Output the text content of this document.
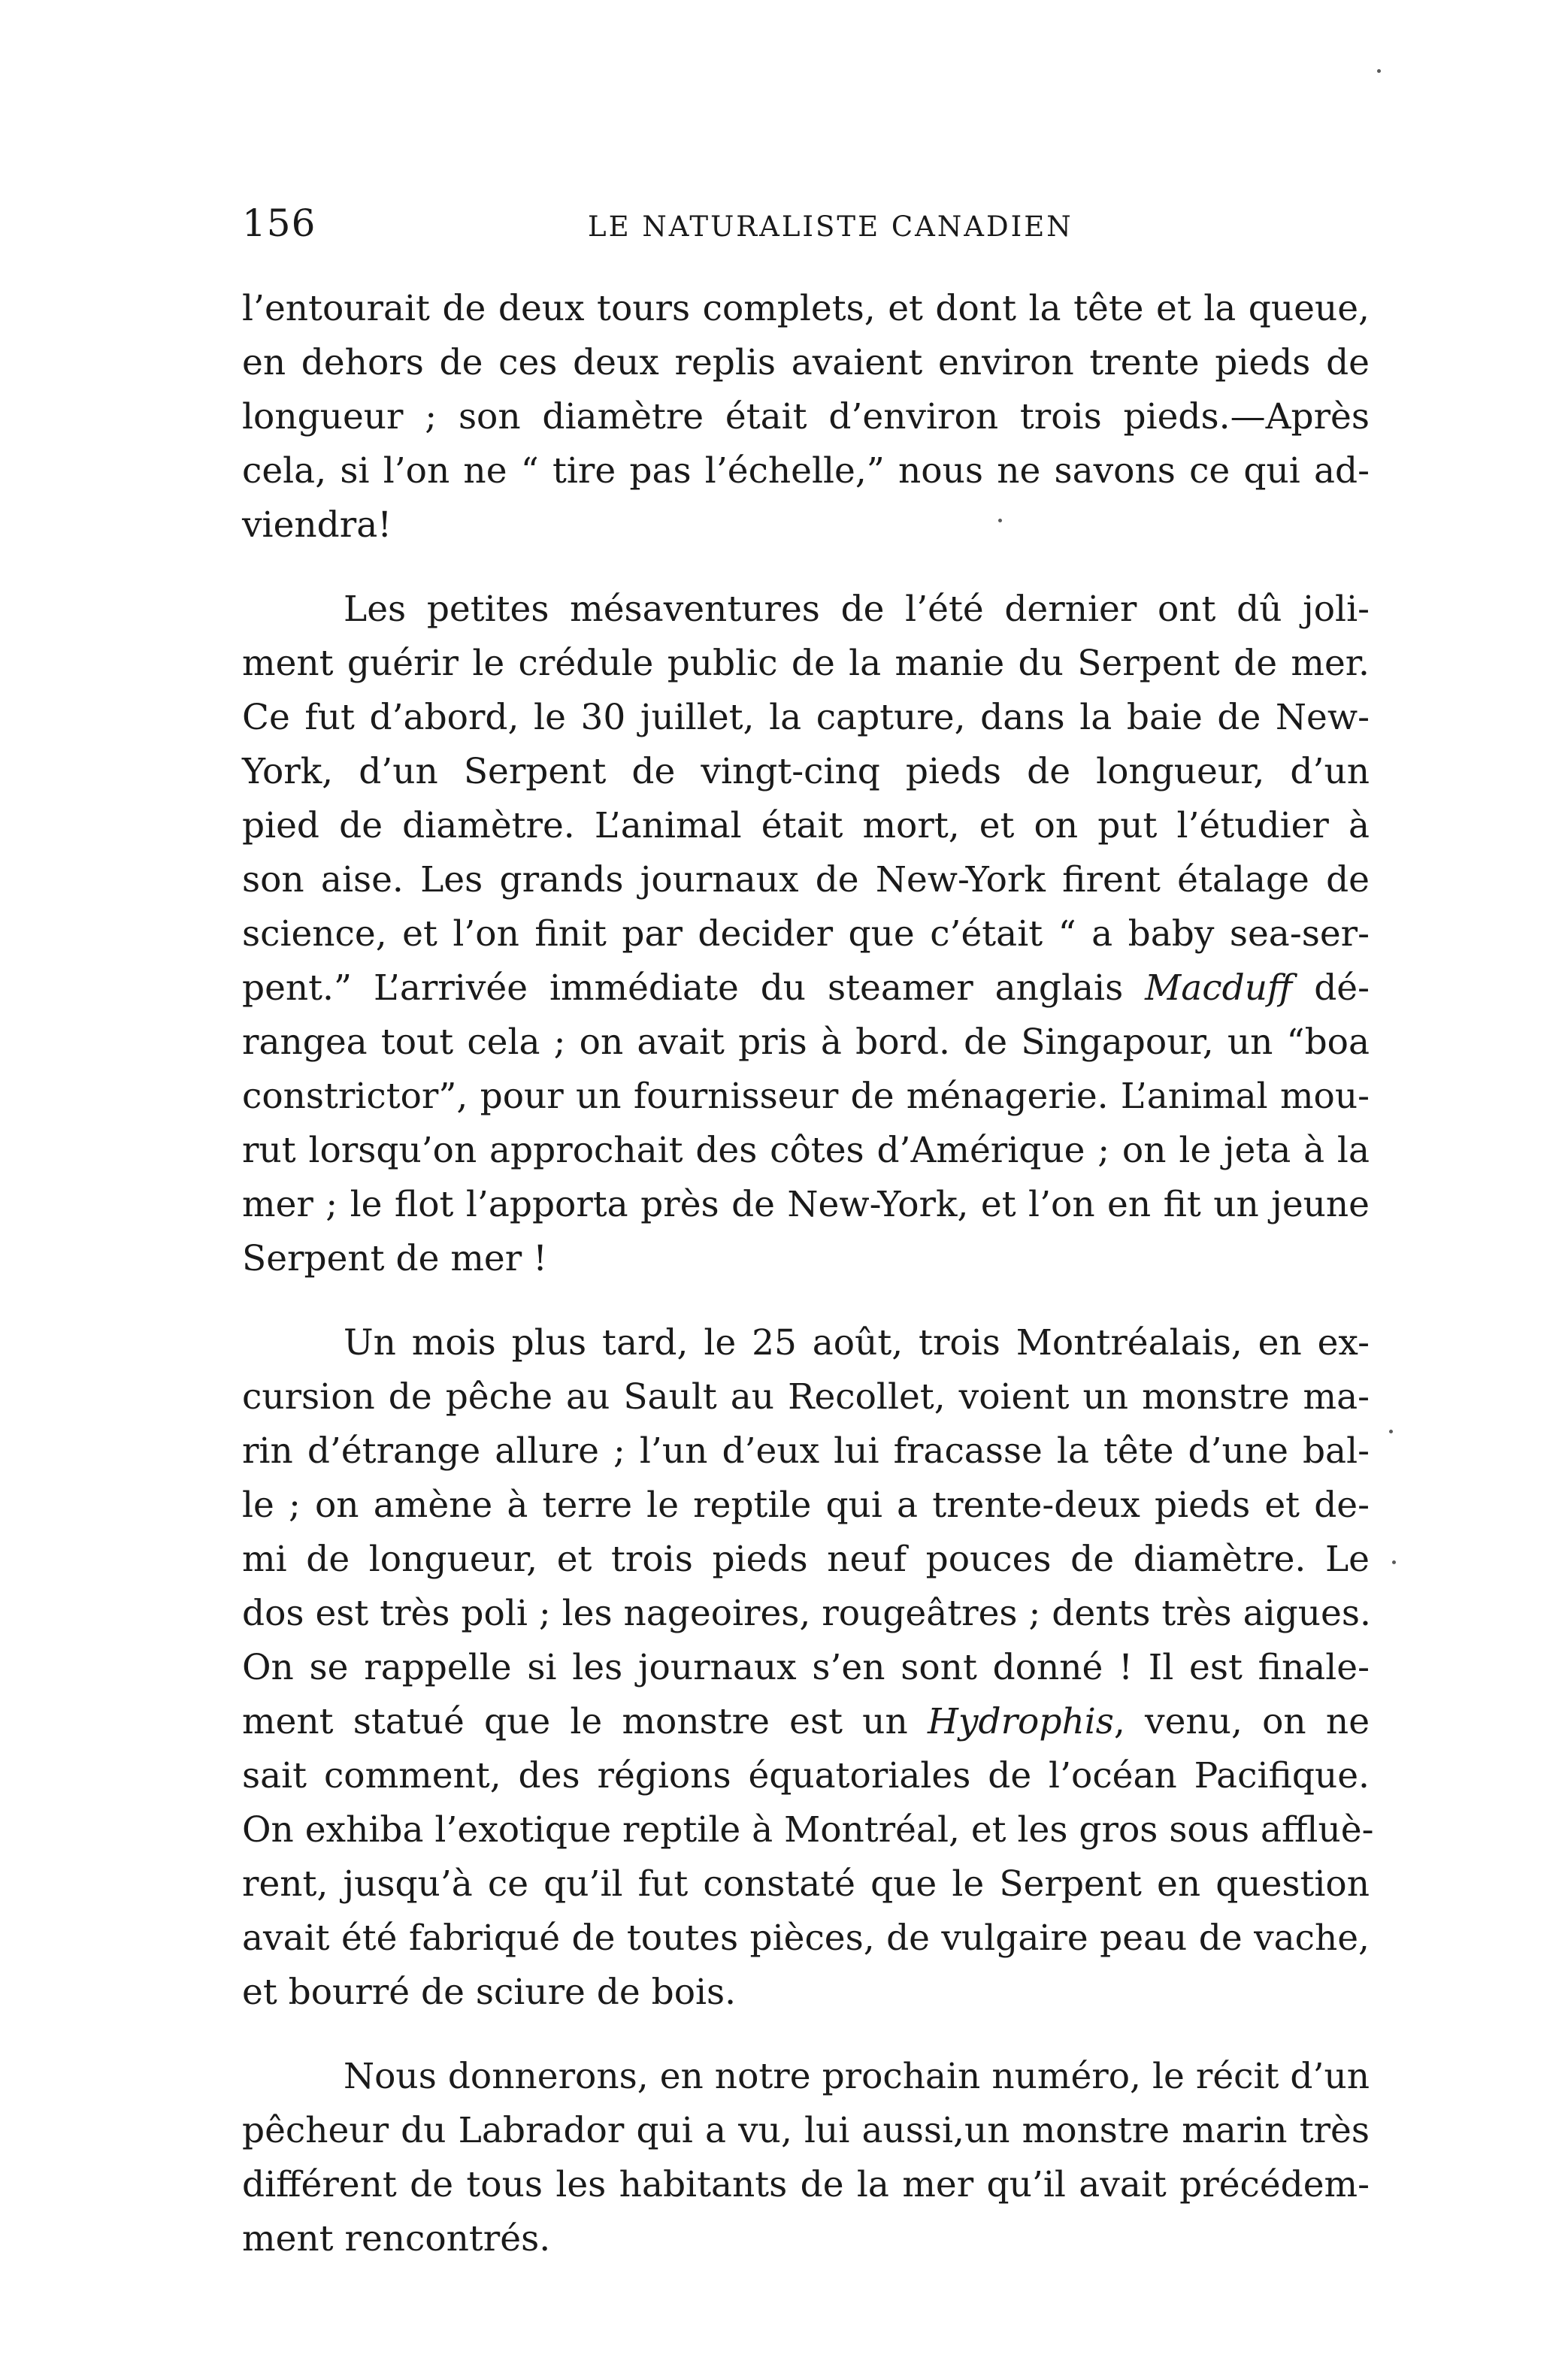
156	LE NATURALISTE CANADIEN
l’entourait de deux tours complets, et dont la tête et la queue,
en dehors de ces deux replis avaient environ trente pieds de
longueur ; son diamètre était d’environ trois pieds.—Après
cela, si l’on ne “ tire pas l’échelle,” nous ne savons ce qui ad-
viendra!
Les petites mésaventures de l’été dernier ont dû joli-
ment guérir le crédule public de la manie du Serpent de mer.
Ce fut d’abord, le 30 juillet, la capture, dans la baie de New-
York, d’un Serpent de vingt-cinq pieds de longueur, d’un
pied de diamètre. L’animal était mort, et on put l’étudier à
son aise. Les grands journaux de New-York firent étalage de
science, et l’on finit par decider que c’était “ a baby sea-ser-
pent.” L’arrivée immédiate du steamer anglais Macduff dé-
rangea tout cela ; on avait pris à bord. de Singapour, un “boa
constrictor”, pour un fournisseur de ménagerie. L’animal mou-
rut lorsqu’on approchait des côtes d’Amérique ; on le jeta à la
mer ; le flot l’apporta près de New-York, et l’on en fit un jeune
Serpent de mer !
Un mois plus tard, le 25 août, trois Montréalais, en ex-
cursion de pêche au Sault au Recollet, voient un monstre ma-
rin d’étrange allure ; l’un d’eux lui fracasse la tête d’une bal-
le ; on amène à terre le reptile qui a trente-deux pieds et de-
mi de longueur, et trois pieds neuf pouces de diamètre. Le
dos est très poli ; les nageoires, rougeâtres ; dents très aigues.
On se rappelle si les journaux s’en sont donné ! Il est finale-
ment statué que le monstre est un Hydrophis, venu, on ne
sait comment, des régions équatoriales de l’océan Pacifique.
On exhiba l’exotique reptile à Montréal, et les gros sous affluè-
rent, jusqu’à ce qu’il fut constaté que le Serpent en question
avait été fabriqué de toutes pièces, de vulgaire peau de vache,
et bourré de sciure de bois.
Nous donnerons, en notre prochain numéro, le récit d’un
pêcheur du Labrador qui a vu, lui aussi,un monstre marin très
différent de tous les habitants de la mer qu’il avait précédem-
ment rencontrés.
